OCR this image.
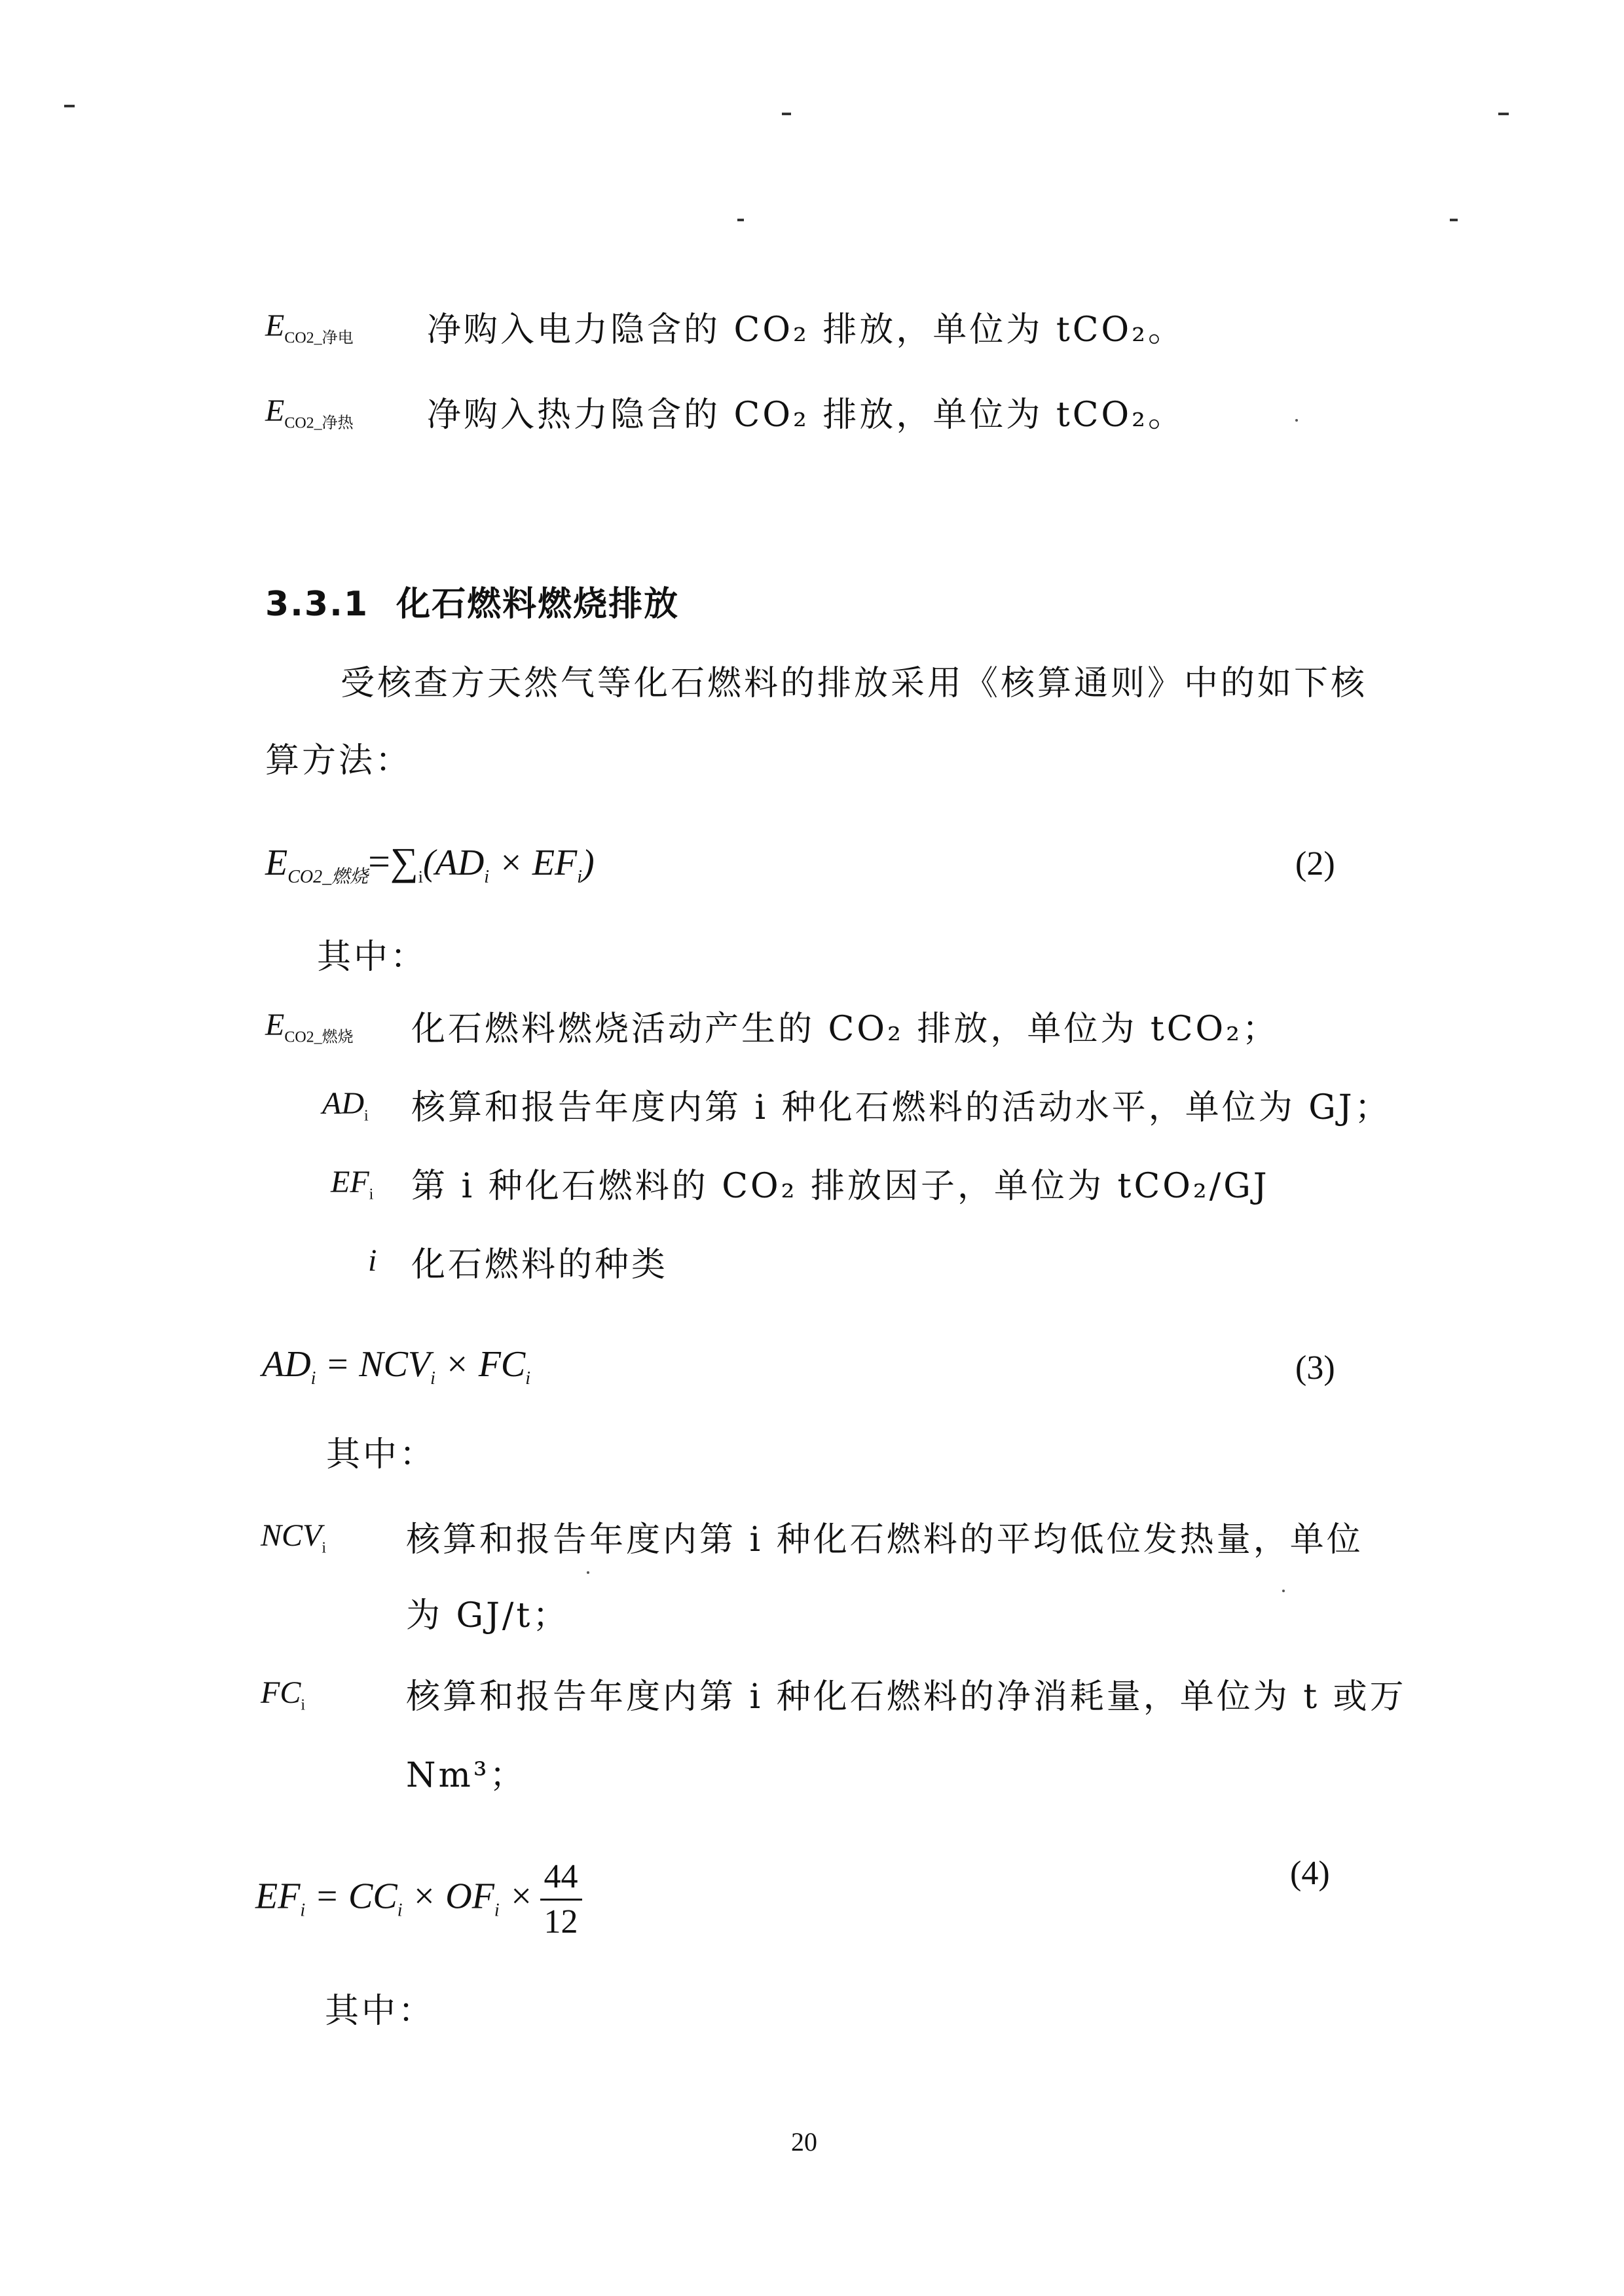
$E_{CO2\_净电}$ 净购入电力隐含的 CO₂ 排放，单位为 tCO₂。
$E_{CO2\_净热}$ 净购入热力隐含的 CO₂ 排放，单位为 tCO₂。
3.3.1 化石燃料燃烧排放
受核查方天然气等化石燃料的排放采用《核算通则》中的如下核
算方法：
$E_{CO2\_燃烧}=\sum_i(AD_i \times EF_i)$	(2)
其中：
$E_{CO2\_燃烧}$ 化石燃料燃烧活动产生的 CO₂ 排放，单位为 tCO₂；
$AD_i$ 核算和报告年度内第 i 种化石燃料的活动水平，单位为 GJ；
$EF_i$ 第 i 种化石燃料的 CO₂ 排放因子，单位为 tCO₂/GJ
i 化石燃料的种类
$AD_i = NCV_i \times FC_i$	(3)
其中：
$NCV_i$ 核算和报告年度内第 i 种化石燃料的平均低位发热量，单位
为 GJ/t；
$FC_i$	核算和报告年度内第 i 种化石燃料的净消耗量，单位为 t 或万
Nm³；
$EF_i = CC_i \times OF_i \times \frac{44}{12}$	(4)
其中：
20
